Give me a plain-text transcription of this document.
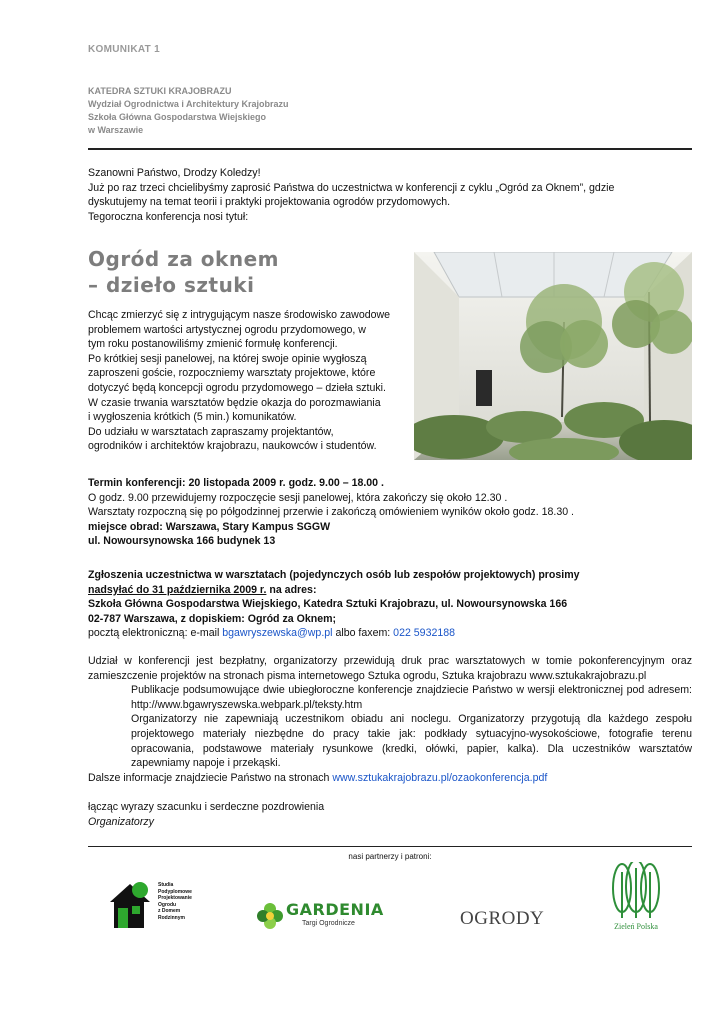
KOMUNIKAT 1
KATEDRA SZTUKI KRAJOBRAZU
Wydział Ogrodnictwa i Architektury Krajobrazu
Szkoła Główna Gospodarstwa Wiejskiego
w Warszawie
Szanowni Państwo, Drodzy Koledzy!
Już po raz trzeci chcielibyśmy zaprosić Państwa do uczestnictwa w konferencji z cyklu „Ogród za Oknem”, gdzie
dyskutujemy na temat teorii i praktyki projektowania ogrodów przydomowych.
Tegoroczna konferencja nosi tytuł:
Ogród za oknem
– dzieło sztuki
Chcąc zmierzyć się z intrygującym nasze środowisko zawodowe
problemem wartości artystycznej ogrodu przydomowego, w
tym roku postanowiliśmy zmienić formułę konferencji.
Po krótkiej sesji panelowej, na której swoje opinie wygłoszą
zaproszeni goście, rozpoczniemy warsztaty projektowe, które
dotyczyć będą koncepcji ogrodu przydomowego – dzieła sztuki.
W czasie trwania warsztatów będzie okazja do porozmawiania
i wygłoszenia krótkich (5 min.) komunikatów.
Do udziału w warsztatach zapraszamy projektantów,
ogrodników i architektów krajobrazu, naukowców i studentów.
Termin konferencji: 20 listopada 2009 r. godz. 9.00 – 18.00 .
O godz. 9.00 przewidujemy rozpoczęcie sesji panelowej, która zakończy się około 12.30 .
Warsztaty rozpoczną się po półgodzinnej przerwie i zakończą omówieniem wyników około godz. 18.30 .
miejsce obrad: Warszawa, Stary Kampus SGGW
ul. Nowoursynowska 166 budynek 13
Zgłoszenia uczestnictwa w warsztatach (pojedynczych osób lub zespołów projektowych) prosimy
nadsyłać do 31 października 2009 r. na adres:
Szkoła Główna Gospodarstwa Wiejskiego, Katedra Sztuki Krajobrazu, ul. Nowoursynowska 166
02-787 Warszawa, z dopiskiem: Ogród za Oknem;
pocztą elektroniczną: e-mail bgawryszewska@wp.pl albo faxem: 022 5932188
Udział w konferencji jest bezpłatny, organizatorzy przewidują druk prac warsztatowych w tomie pokonferencyjnym oraz zamieszczenie projektów na stronach pisma internetowego Sztuka ogrodu, Sztuka krajobrazu www.sztukakrajobrazu.pl
Publikacje podsumowujące dwie ubiegłoroczne konferencje znajdziecie Państwo w wersji elektronicznej pod adresem: http://www.bgawryszewska.webpark.pl/teksty.htm
Organizatorzy nie zapewniają uczestnikom obiadu ani noclegu. Organizatorzy przygotują dla każdego zespołu projektowego materiały niezbędne do pracy takie jak: podkłady sytuacyjno-wysokościowe, fotografie terenu opracowania, podstawowe materiały rysunkowe (kredki, ołówki, papier, kalka). Dla uczestników warsztatów zapewniamy napoje i przekąski.
Dalsze informacje znajdziecie Państwo na stronach www.sztukakrajobrazu.pl/ozaokonferencja.pdf
łącząc wyrazy szacunku i serdeczne pozdrowienia
Organizatorzy
nasi partnerzy i patroni:
Studia
Podyplomowe
Projektowanie
Ogrodu
z Domem
Rodzinnym	GARDENIA
Targi Ogrodnicze	OGRODY	Zieleń Polska
